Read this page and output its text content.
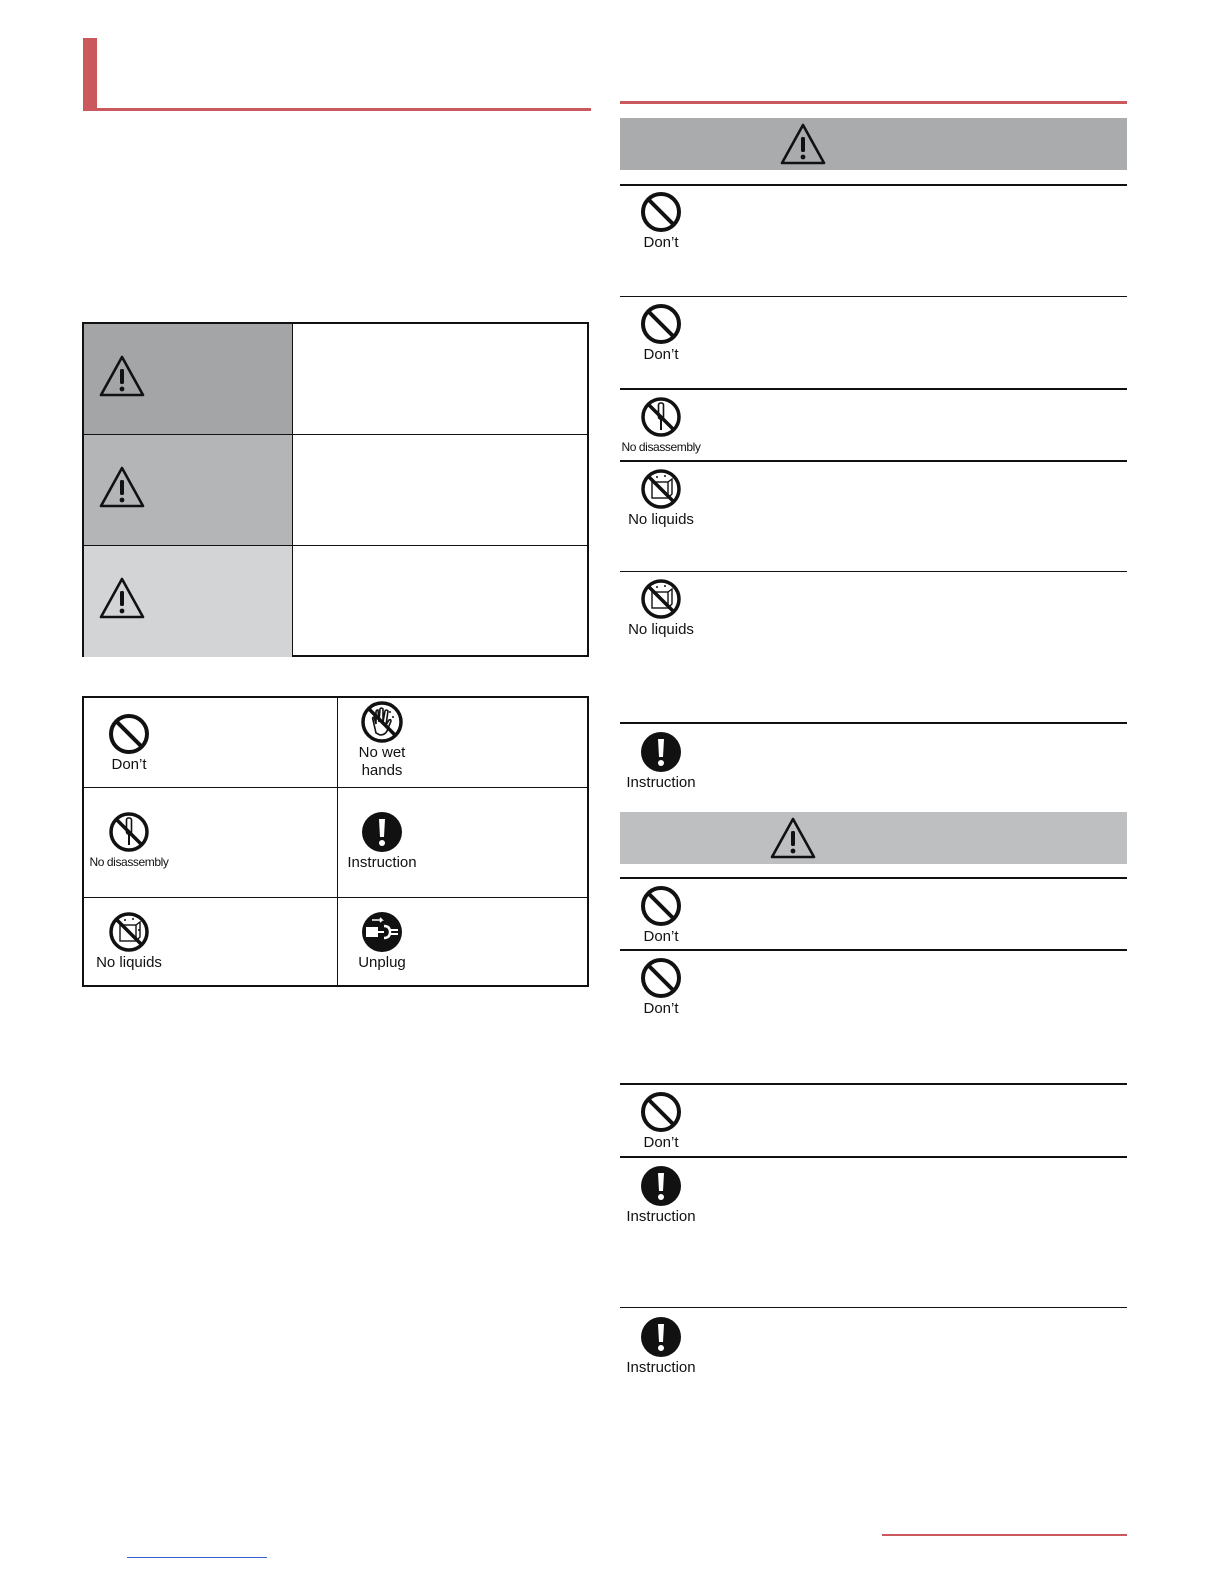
Don’t
No wet
hands
No disassembly	Instruction
No liquids	Unplug
Don’t
Don’t
No disassembly
No liquids
No liquids
Instruction
Don’t
Don’t
Don’t
Instruction
Instruction
